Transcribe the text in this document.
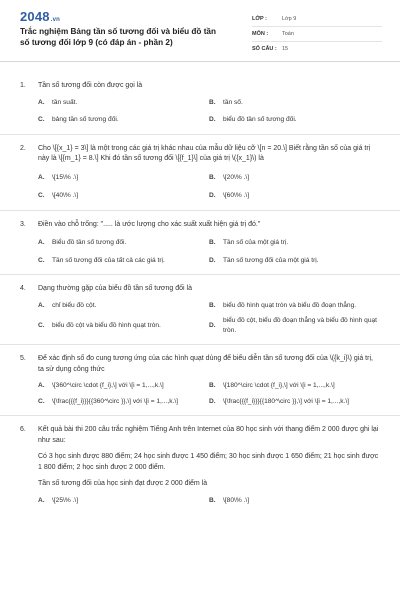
2048.vn
Trắc nghiệm Bảng tần số tương đối và biểu đồ tần số tương đối lớp 9 (có đáp án - phần 2)
LỚP :	Lớp 9
MÔN :	Toán
SỐ CÂU : 15
1.	Tần số tương đối còn được gọi là
A.	tần suất.	B.	tần số.
C.	bảng tần số tương đối.	D.	biểu đồ tần số tương đối.
2.	Cho \[{x_1} = 3\] là một trong các giá trị khác nhau của mẫu dữ liệu cỡ \[n = 20.\] Biết rằng tần số của giá trị này là \[{m_1} = 8.\] Khi đó tần số tương đối \[{f_1}\] của giá trị \({x_1}\) là
A.	\[15\% .\]	B.	\[20\% .\]
C.	\[40\% .\]	D.	\[60\% .\]
3.	Điền vào chỗ trống: "..... là ước lượng cho xác suất xuất hiện giá trị đó."
A.	Biểu đồ tần số tương đối.	B.	Tần số của một giá trị.
C.	Tần số tương đối của tất cả các giá trị.	D.	Tần số tương đối của một giá trị.
4.	Dạng thường gặp của biểu đồ tần số tương đối là
A.	chỉ biểu đồ cột.	B.	biểu đồ hình quạt tròn và biểu đồ đoạn thẳng.
C.	biểu đồ cột và biểu đồ hình quạt tròn.	D.
biểu đồ cột, biểu đồ đoạn thẳng và biểu đồ hình quạt tròn.
5.	Để xác định số đo cung tương ứng của các hình quạt dùng để biểu diễn tần số tương đối của \({k_i}\) giá trị, ta sử dụng công thức
A.	\[360^\circ \cdot {f_i},\] với \[i = 1,...,k.\]	B.	\[180^\circ \cdot {f_i},\] với \[i = 1,...,k.\]
C.	\[\frac{{{f_i}}}{{360^\circ }},\] với \[i = 1,...,k.\]	D.	\[\frac{{{f_i}}}{{180^\circ }},\] với \[i = 1,...,k.\]
6.	Kết quả bài thi 200 câu trắc nghiệm Tiếng Anh trên Internet của 80 học sinh với thang điểm 2 000 được ghi lại như sau:
Có 3 học sinh được 880 điểm; 24 học sinh được 1 450 điểm; 30 học sinh được 1 650 điểm; 21 học sinh được 1 800 điểm; 2 học sinh được 2 000 điểm.
Tần số tương đối của học sinh đạt được 2 000 điểm là
A.	\[25\% .\]	B.	\[80\% .\]
